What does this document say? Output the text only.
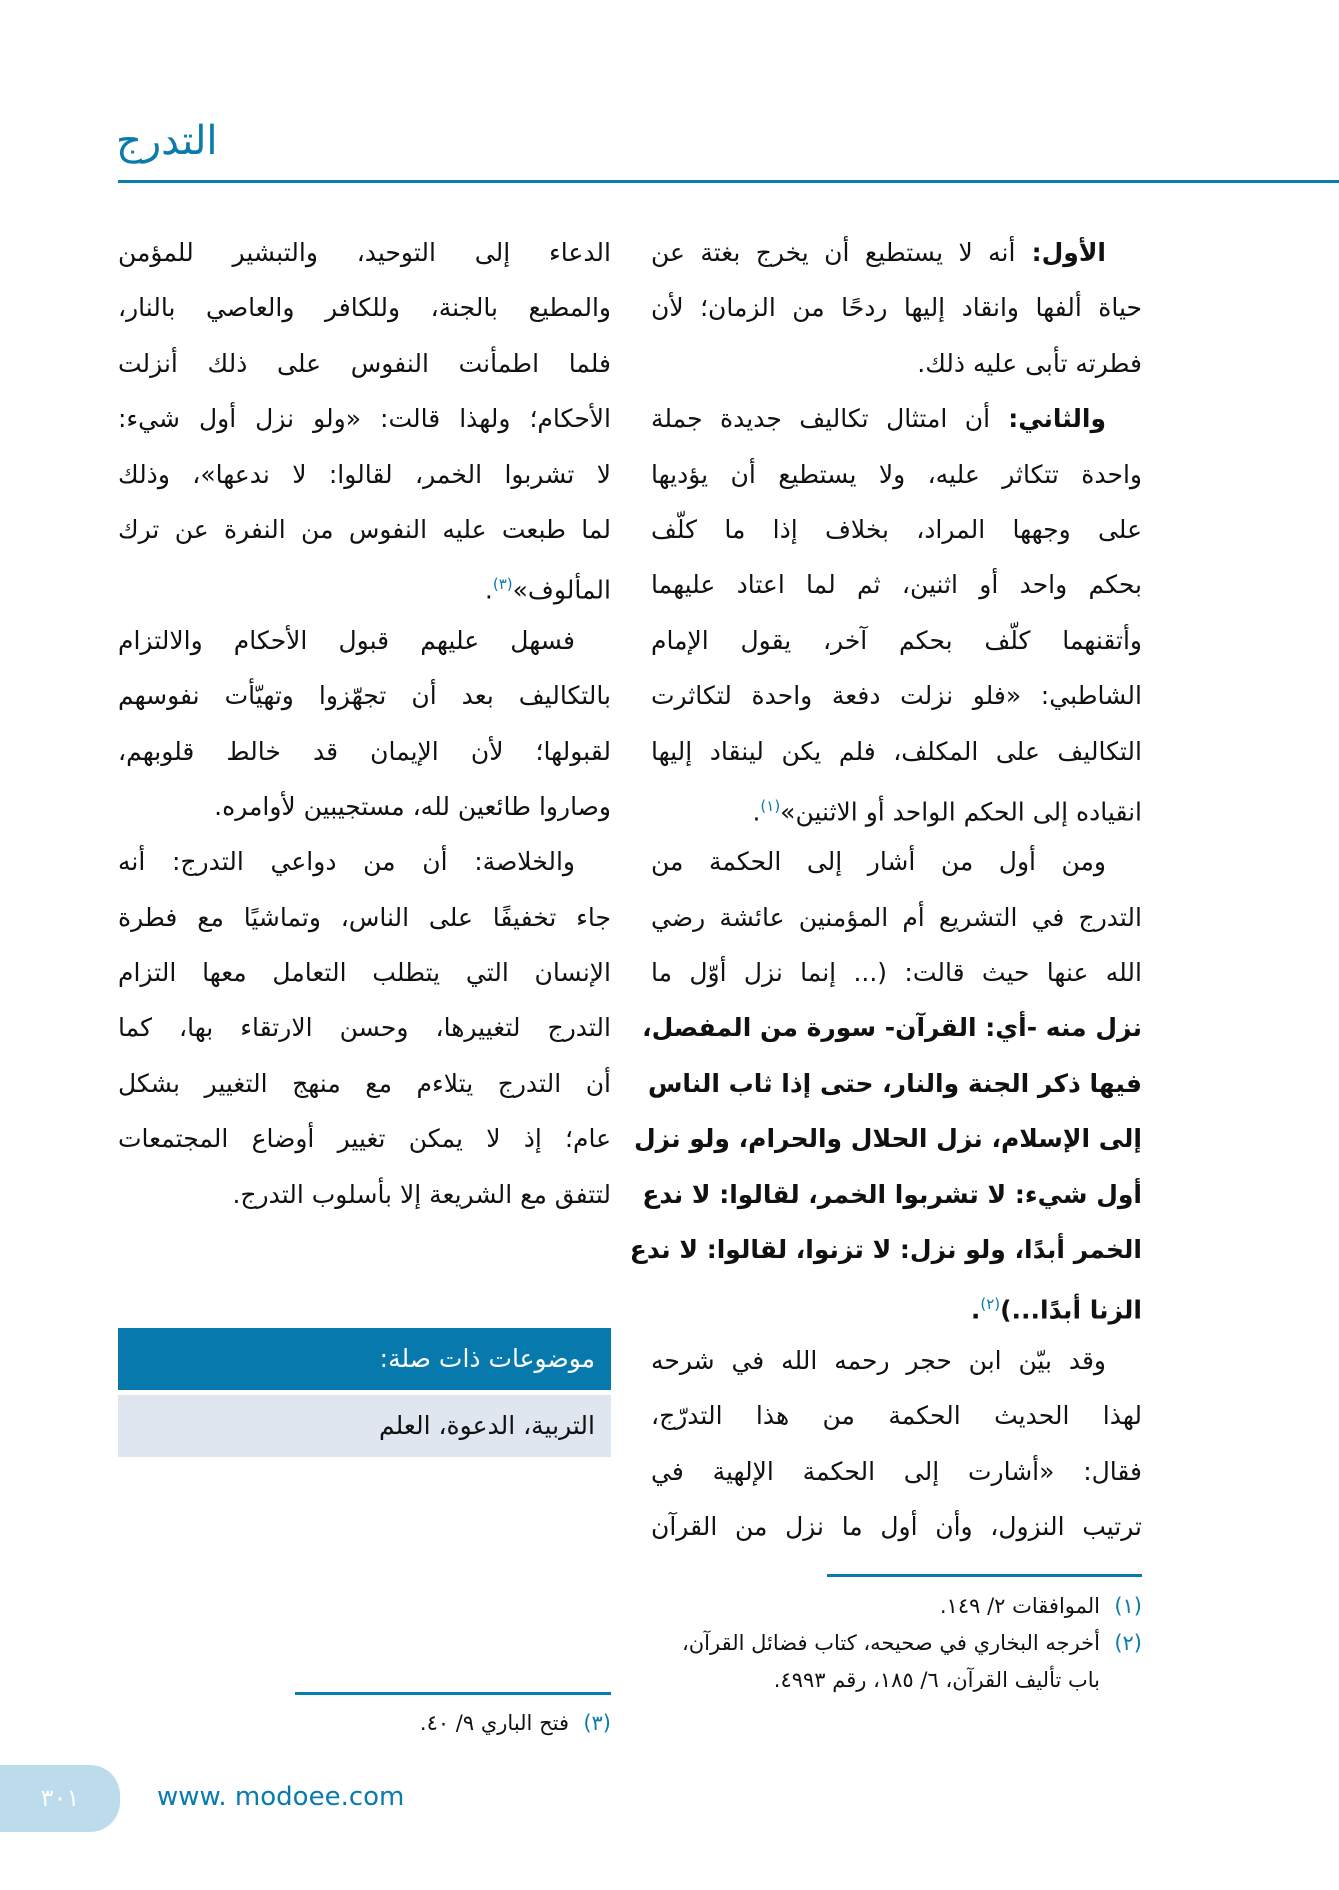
التدرج
الأول: أنه لا يستطيع أن يخرج بغتة عن
حياة ألفها وانقاد إليها ردحًا من الزمان؛ لأن
فطرته تأبى عليه ذلك.
والثاني: أن امتثال تكاليف جديدة جملة
واحدة تتكاثر عليه، ولا يستطيع أن يؤديها
على وجهها المراد، بخلاف إذا ما كلّف
بحكم واحد أو اثنين، ثم لما اعتاد عليهما
وأتقنهما كلّف بحكم آخر، يقول الإمام
الشاطبي: «فلو نزلت دفعة واحدة لتكاثرت
التكاليف على المكلف، فلم يكن لينقاد إليها
انقياده إلى الحكم الواحد أو الاثنين»$^{(١)}$.
ومن أول من أشار إلى الحكمة من
التدرج في التشريع أم المؤمنين عائشة رضي
الله عنها حيث قالت: (... إنما نزل أوّل ما
نزل منه -أي: القرآن- سورة من المفصل،
فيها ذكر الجنة والنار، حتى إذا ثاب الناس
إلى الإسلام، نزل الحلال والحرام، ولو نزل
أول شيء: لا تشربوا الخمر، لقالوا: لا ندع
الخمر أبدًا، ولو نزل: لا تزنوا، لقالوا: لا ندع
الزنا أبدًا...)$^{(٢)}$.
وقد بيّن ابن حجر رحمه الله في شرحه
لهذا الحديث الحكمة من هذا التدرّج،
فقال: «أشارت إلى الحكمة الإلهية في
ترتيب النزول، وأن أول ما نزل من القرآن
الدعاء إلى التوحيد، والتبشير للمؤمن
والمطيع بالجنة، وللكافر والعاصي بالنار،
فلما اطمأنت النفوس على ذلك أنزلت
الأحكام؛ ولهذا قالت: «ولو نزل أول شيء:
لا تشربوا الخمر، لقالوا: لا ندعها»، وذلك
لما طبعت عليه النفوس من النفرة عن ترك
المألوف»$^{(٣)}$.
فسهل عليهم قبول الأحكام والالتزام
بالتكاليف بعد أن تجهّزوا وتهيّأت نفوسهم
لقبولها؛ لأن الإيمان قد خالط قلوبهم،
وصاروا طائعين لله، مستجيبين لأوامره.
والخلاصة: أن من دواعي التدرج: أنه
جاء تخفيفًا على الناس، وتماشيًا مع فطرة
الإنسان التي يتطلب التعامل معها التزام
التدرج لتغييرها، وحسن الارتقاء بها، كما
أن التدرج يتلاءم مع منهج التغيير بشكل
عام؛ إذ لا يمكن تغيير أوضاع المجتمعات
لتتفق مع الشريعة إلا بأسلوب التدرج.
موضوعات ذات صلة:
التربية، الدعوة، العلم
(١)
الموافقات ٢/ ١٤٩.
(٢)
أخرجه البخاري في صحيحه، كتاب فضائل القرآن، باب تأليف القرآن، ٦/ ١٨٥، رقم ٤٩٩٣.
(٣)
فتح الباري ٩/ ٤٠.
٣٠١	www. modoee.com
